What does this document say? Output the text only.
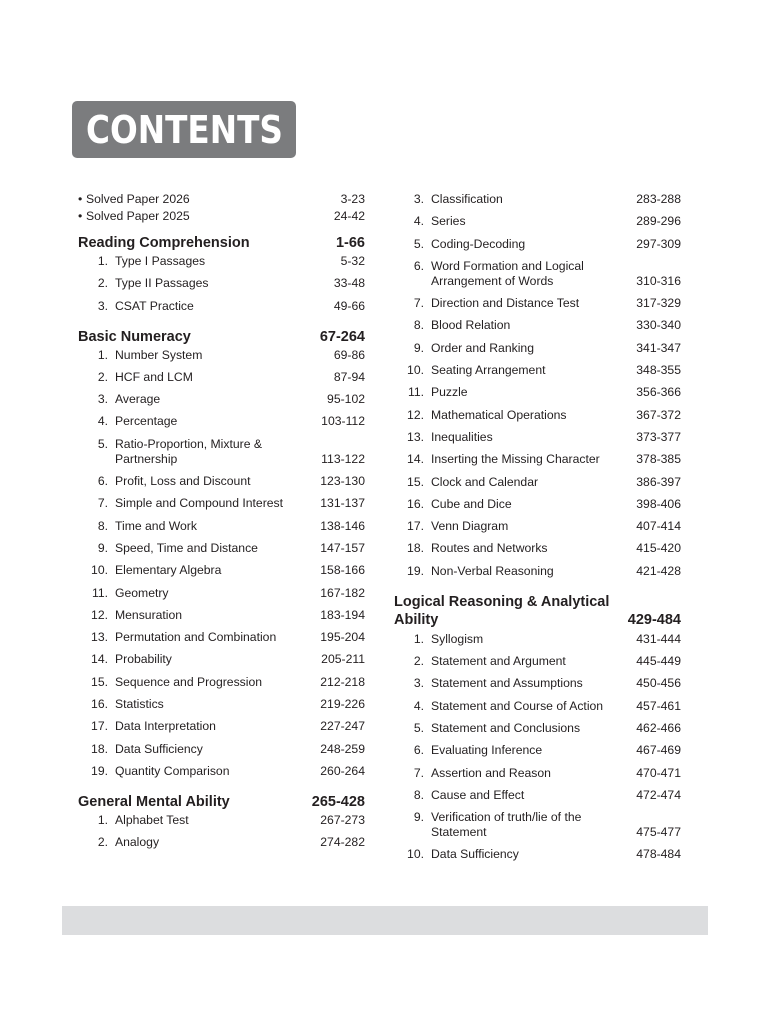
CONTENTS
• Solved Paper 2026	3-23
• Solved Paper 2025	24-42
Reading Comprehension	1-66
1. Type I Passages	5-32
2. Type II Passages	33-48
3. CSAT Practice	49-66
Basic Numeracy	67-264
1. Number System	69-86
2. HCF and LCM	87-94
3. Average	95-102
4. Percentage	103-112
5. Ratio-Proportion, Mixture & Partnership	113-122
6. Profit, Loss and Discount	123-130
7. Simple and Compound Interest	131-137
8. Time and Work	138-146
9. Speed, Time and Distance	147-157
10. Elementary Algebra	158-166
11. Geometry	167-182
12. Mensuration	183-194
13. Permutation and Combination	195-204
14. Probability	205-211
15. Sequence and Progression	212-218
16. Statistics	219-226
17. Data Interpretation	227-247
18. Data Sufficiency	248-259
19. Quantity Comparison	260-264
General Mental Ability	265-428
1. Alphabet Test	267-273
2. Analogy	274-282
3. Classification	283-288
4. Series	289-296
5. Coding-Decoding	297-309
6. Word Formation and Logical Arrangement of Words	310-316
7. Direction and Distance Test	317-329
8. Blood Relation	330-340
9. Order and Ranking	341-347
10. Seating Arrangement	348-355
11. Puzzle	356-366
12. Mathematical Operations	367-372
13. Inequalities	373-377
14. Inserting the Missing Character	378-385
15. Clock and Calendar	386-397
16. Cube and Dice	398-406
17. Venn Diagram	407-414
18. Routes and Networks	415-420
19. Non-Verbal Reasoning	421-428
Logical Reasoning & Analytical
Ability	429-484
1. Syllogism	431-444
2. Statement and Argument	445-449
3. Statement and Assumptions	450-456
4. Statement and Course of Action	457-461
5. Statement and Conclusions	462-466
6. Evaluating Inference	467-469
7. Assertion and Reason	470-471
8. Cause and Effect	472-474
9. Verification of truth/lie of the Statement	475-477
10. Data Sufficiency	478-484
